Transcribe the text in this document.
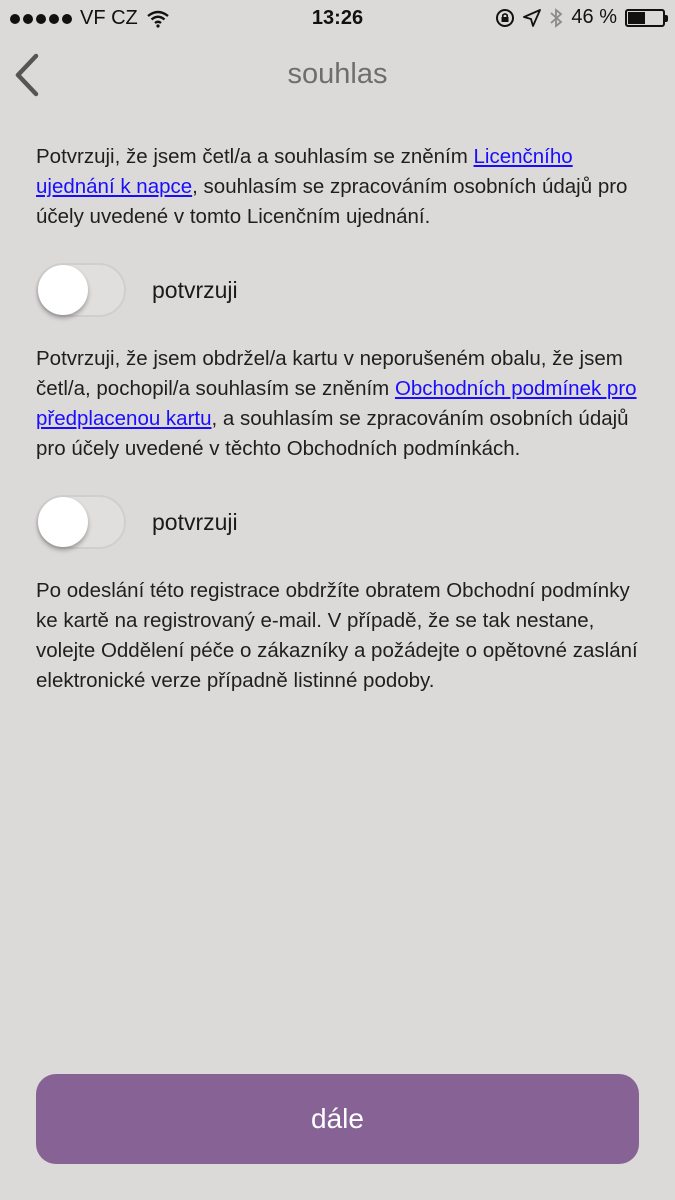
VF CZ	13:26	46 %
souhlas

Potvrzuji, že jsem četl/a a souhlasím se zněním Licenčního ujednání k napce, souhlasím se zpracováním osobních údajů pro účely uvedené v tomto Licenčním ujednání.

potvrzuji

Potvrzuji, že jsem obdržel/a kartu v neporušeném obalu, že jsem četl/a, pochopil/a souhlasím se zněním Obchodních podmínek pro předplacenou kartu, a souhlasím se zpracováním osobních údajů pro účely uvedené v těchto Obchodních podmínkách.

potvrzuji

Po odeslání této registrace obdržíte obratem Obchodní podmínky ke kartě na registrovaný e-mail. V případě, že se tak nestane, volejte Oddělení péče o zákazníky a požádejte o opětovné zaslání elektronické verze případně listinné podoby.

dále
